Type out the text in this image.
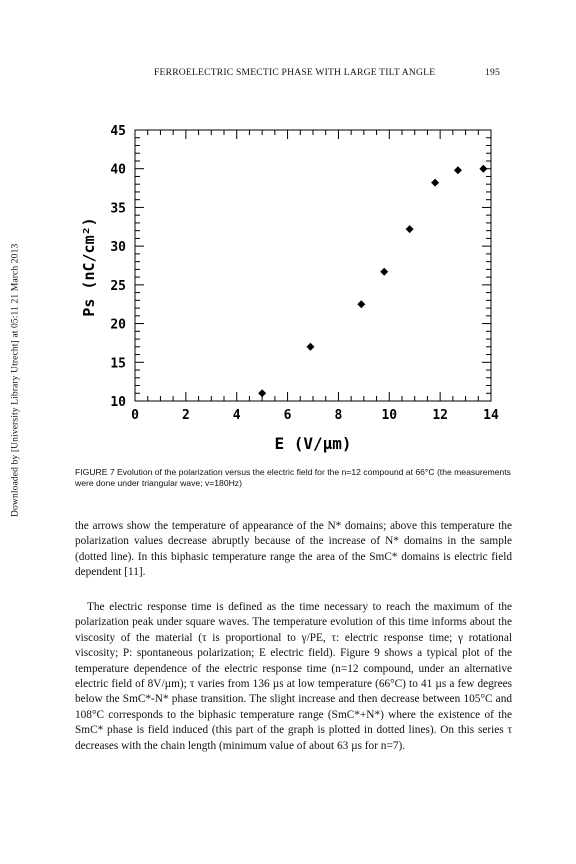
Downloaded by [University Library Utrecht] at 05:11 21 March 2013
FERROELECTRIC SMECTIC PHASE WITH LARGE TILT ANGLE	195
0	2	4	6	8	10	12	14
10
15
20
25
30
35
40
45
E (V/µm)
Ps (nC/cm²)
FIGURE 7 Evolution of the polarization versus the electric field for the n=12 compound at 66°C (the measurements were done under triangular wave; v=180Hz)

the arrows show the temperature of appearance of the N* domains; above this temperature the polarization values decrease abruptly because of the increase of N* domains in the sample (dotted line). In this biphasic temperature range the area of the SmC* domains is electric field dependent [11].

The electric response time is defined as the time necessary to reach the maximum of the polarization peak under square waves. The temperature evolution of this time informs about the viscosity of the material (τ is proportional to γ/PE, τ: electric response time; γ rotational viscosity; P: spontaneous polarization; E electric field). Figure 9 shows a typical plot of the temperature dependence of the electric response time (n=12 compound, under an alternative electric field of 8V/µm); τ varies from 136 µs at low temperature (66°C) to 41 µs a few degrees below the SmC*-N* phase transition. The slight increase and then decrease between 105°C and 108°C corresponds to the biphasic temperature range (SmC*+N*) where the existence of the SmC* phase is field induced (this part of the graph is plotted in dotted lines). On this series τ decreases with the chain length (minimum value of about 63 µs for n=7).
